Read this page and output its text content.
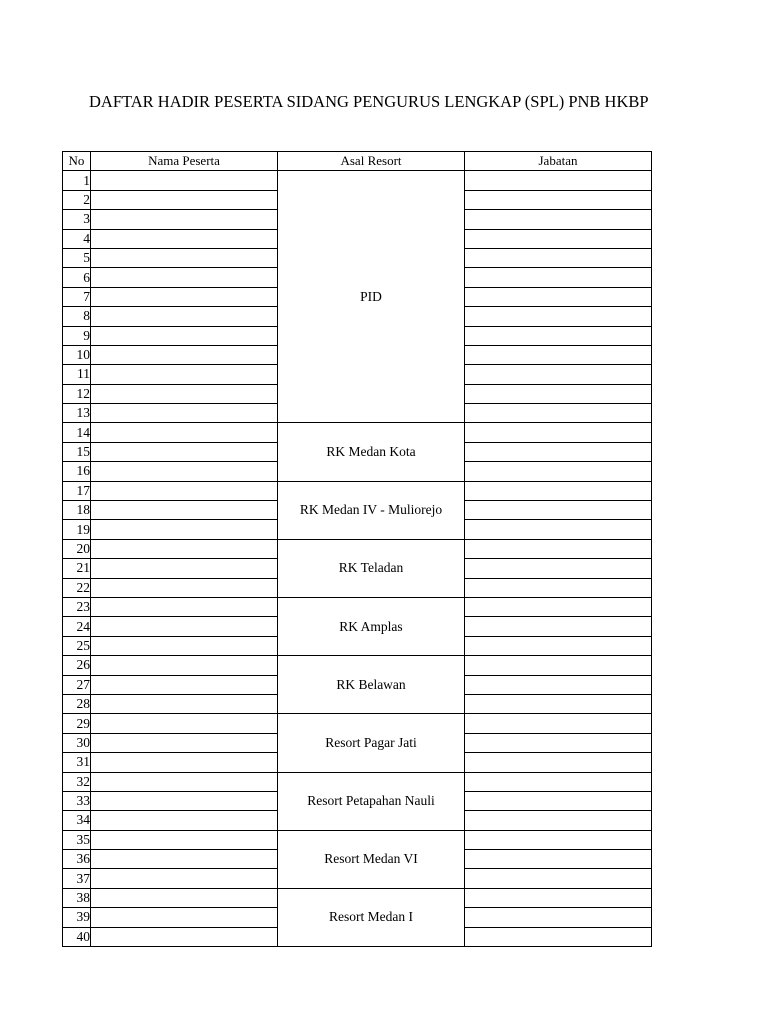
DAFTAR HADIR PESERTA SIDANG PENGURUS LENGKAP (SPL) PNB HKBP
No	Nama Peserta	Asal Resort	Jabatan
1		PID	
2			
3			
4			
5			
6			
7			
8			
9			
10			
11			
12			
13			
14		RK Medan Kota	
15			
16			
17		RK Medan IV - Muliorejo	
18			
19			
20		RK Teladan	
21			
22			
23		RK Amplas	
24			
25			
26		RK Belawan	
27			
28			
29		Resort Pagar Jati	
30			
31			
32		Resort Petapahan Nauli	
33			
34			
35		Resort Medan VI	
36			
37			
38		Resort Medan I	
39			
40			
